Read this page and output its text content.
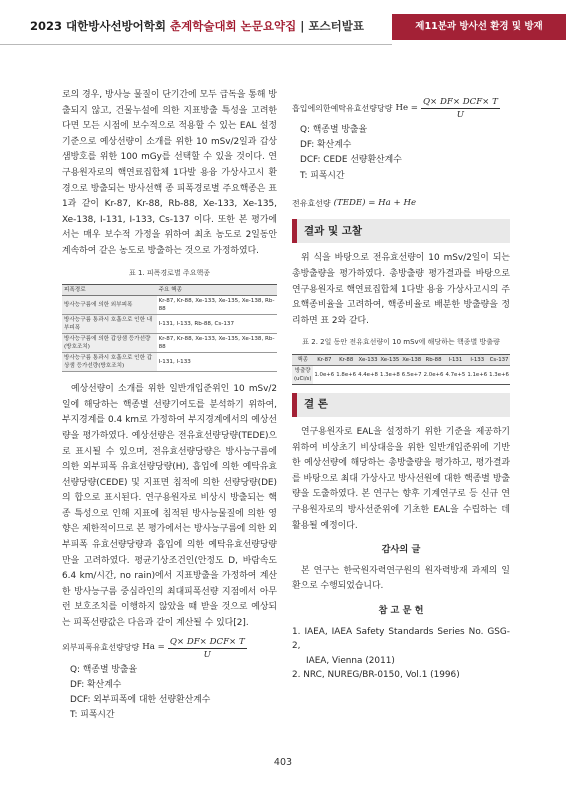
2023 대한방사선방어학회 춘계학술대회 논문요약집 | 포스터발표	제11분과 방사선 환경 및 방재

로의 경우, 방사능 물질이 단기간에 모두 급독을 통해 방출되지 않고, 건물누설에 의한 지표방출 특성을 고려한다면 모든 시점에 보수적으로 적용할 수 있는 EAL 설정기준으로 예상선량이 소개를 위한 10 mSv/2일과 갑상샘방호를 위한 100 mGy를 선택할 수 있을 것이다. 연구용원자로의 핵연료집합체 1다발 용융 가상사고시 환경으로 방출되는 방사선핵 종 피폭경로별 주요핵종은 표 1과 같이 Kr-87, Kr-88, Rb-88, Xe-133, Xe-135, Xe-138, I-131, I-133, Cs-137 이다. 또한 본 평가에서는 매우 보수적 가정을 위하여 최초 농도로 2일동안 계속하여 같은 농도로 방출하는 것으로 가정하였다.

표 1. 피폭경로별 주요핵종
피폭경로	주요 핵종
방사능구름에 의한 외부피폭	Kr-87, Kr-88, Xe-133, Xe-135, Xe-138, Rb-88
방사능구름 통과시 호흡으로 인한 내부피폭	I-131, I-133, Rb-88, Cs-137
방사능구름에 의한 갑상샘 등가선량(방호조치)	Kr-87, Kr-88, Xe-133, Xe-135, Xe-138, Rb-88
방사능구름 통과시 호흡으로 인한 갑상샘 등가선량(방호조치)	I-131, I-133

예상선량이 소개를 위한 일반개입준위인 10 mSv/2일에 해당하는 핵종별 선량기여도를 분석하기 위하여, 부지경계를 0.4 km로 가정하여 부지경계에서의 예상선량을 평가하였다. 예상선량은 전유효선량당량(TEDE)으로 표시될 수 있으며, 전유효선량당량은 방사능구름에 의한 외부피폭 유효선량당량(H), 흡입에 의한 예탁유효선량당량(CEDE) 및 지표면 침적에 의한 선량당량(DE)의 합으로 표시된다. 연구용원자로 비상시 방출되는 핵종 특성으로 인해 지표에 침적된 방사능물질에 의한 영향은 제한적이므로 본 평가에서는 방사능구름에 의한 외부피폭 유효선량당량과 흡입에 의한 예탁유효선량당량만을 고려하였다. 평균기상조건인(안정도 D, 바람속도 6.4 km/시간, no rain)에서 지표방출을 가정하여 계산한 방사능구름 중심라인의 최대피폭선량 지점에서 아무런 보호조치를 이행하지 않았을 때 받을 것으로 예상되는 피폭선량값은 다음과 같이 계산될 수 있다[2].

외부피폭유효선량당량 $Ha = \frac{\text{Q× DF× DCF× T}}{U}$
Q: 핵종별 방출율
DF: 확산계수
DCF: 외부피폭에 대한 선량환산계수
T: 피폭시간
흡입에의한예탁유효선량당량 $He = \frac{\text{Q× DF× DCF× T}}{U}$
Q: 핵종별 방출율
DF: 확산계수
DCF: CEDE 선량환산계수
T: 피폭시간
전유효선량 (TEDE) = Ha + He
결과 및 고찰

위 식을 바탕으로 전유효선량이 10 mSv/2일이 되는 총방출량을 평가하였다. 총방출량 평가결과를 바탕으로 연구용원자로 핵연료집합체 1다발 용융 가상사고시의 주요핵종비율을 고려하여, 핵종비율로 배분한 방출량을 정리하면 표 2와 같다.

표 2. 2일 동안 전유효선량이 10 mSv에 해당하는 핵종별 방출량
핵종	Kr-87	Kr-88	Xe-133	Xe-135	Xe-138	Rb-88	I-131	I-133	Cs-137
방출량 (uCi/s)	1.0e+6	1.8e+6	4.4e+8	1.3e+8	6.5e+7	2.0e+6	4.7e+5	1.1e+6	1.3e+6
결 론

연구용원자로 EAL을 설정하기 위한 기준을 제공하기 위하여 비상초기 비상대응을 위한 일반개입준위에 기반한 예상선량에 해당하는 총방출량을 평가하고, 평가결과를 바탕으로 최대 가상사고 방사선원에 대한 핵종별 방출량을 도출하였다. 본 연구는 향후 기계연구로 등 신규 연구용원자로의 방사선준위에 기초한 EAL을 수립하는 데 활용될 예정이다.

감사의 글

본 연구는 한국원자력연구원의 원자력방재 과제의 일환으로 수행되었습니다.

참 고 문 헌
1. IAEA, IAEA Safety Standards Series No. GSG-2,
IAEA, Vienna (2011)
2. NRC, NUREG/BR-0150, Vol.1 (1996)
403
